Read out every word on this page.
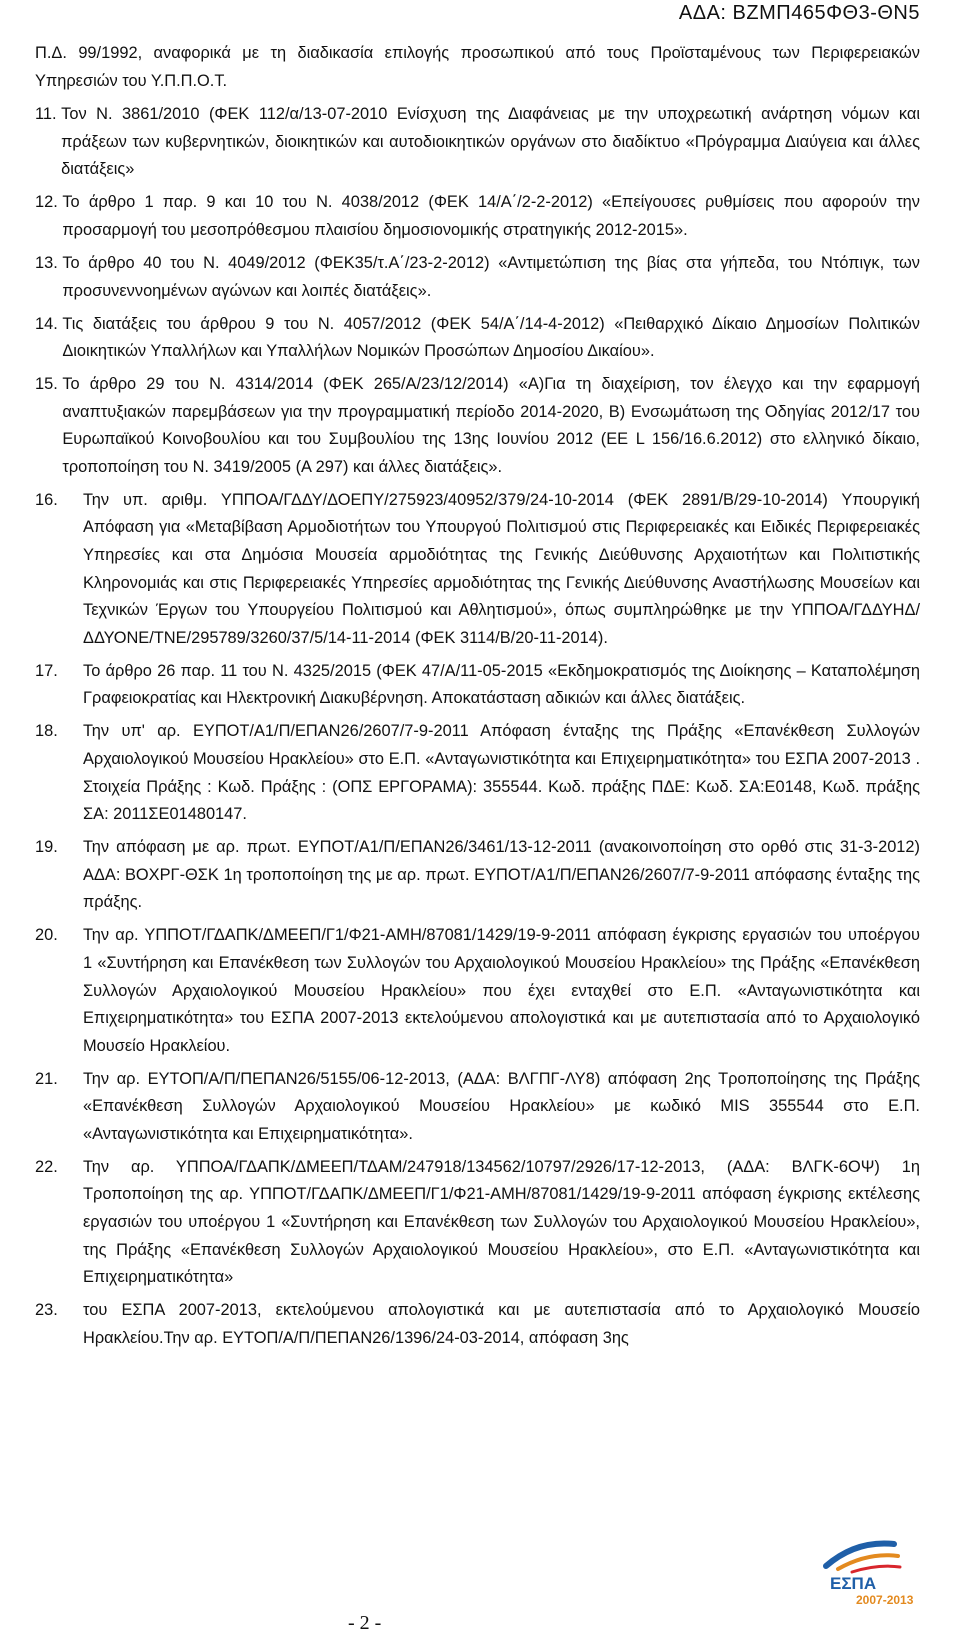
ΑΔΑ: ΒΖΜΠ465ΦΘ3-ΘΝ5

Π.Δ. 99/1992, αναφορικά με τη διαδικασία επιλογής προσωπικού από τους Προϊσταμένους των Περιφερειακών Υπηρεσιών του Υ.Π.Π.Ο.Τ.

11. Τον Ν. 3861/2010 (ΦΕΚ 112/α/13-07-2010 Ενίσχυση της Διαφάνειας με την υποχρεωτική ανάρτηση νόμων και πράξεων των κυβερνητικών, διοικητικών και αυτοδιοικητικών οργάνων στο διαδίκτυο «Πρόγραμμα Διαύγεια και άλλες διατάξεις»
12. Το άρθρο 1 παρ. 9 και 10 του Ν. 4038/2012 (ΦΕΚ 14/Α΄/2-2-2012) «Επείγουσες ρυθμίσεις που αφορούν την προσαρμογή του μεσοπρόθεσμου πλαισίου δημοσιονομικής στρατηγικής 2012-2015».
13. Το άρθρο 40 του Ν. 4049/2012 (ΦΕΚ35/τ.Α΄/23-2-2012) «Αντιμετώπιση της βίας στα γήπεδα, του Ντόπιγκ, των προσυνεννοημένων αγώνων και λοιπές διατάξεις».
14. Τις διατάξεις του άρθρου 9 του Ν. 4057/2012 (ΦΕΚ 54/Α΄/14-4-2012) «Πειθαρχικό Δίκαιο Δημοσίων Πολιτικών Διοικητικών Υπαλλήλων και Υπαλλήλων Νομικών Προσώπων Δημοσίου Δικαίου».
15. Το άρθρο 29 του Ν. 4314/2014 (ΦΕΚ 265/Α/23/12/2014) «Α)Για τη διαχείριση, τον έλεγχο και την εφαρμογή αναπτυξιακών παρεμβάσεων για την προγραμματική περίοδο 2014-2020, Β) Ενσωμάτωση της Οδηγίας 2012/17 του Ευρωπαϊκού Κοινοβουλίου και του Συμβουλίου της 13ης Ιουνίου 2012 (ΕΕ L 156/16.6.2012) στο ελληνικό δίκαιο, τροποποίηση του Ν. 3419/2005 (Α 297) και άλλες διατάξεις».
16.	Την υπ. αριθμ. ΥΠΠΟΑ/ΓΔΔΥ/ΔΟΕΠΥ/275923/40952/379/24-10-2014 (ΦΕΚ 2891/Β/29-10-2014) Υπουργική Απόφαση για «Μεταβίβαση Αρμοδιοτήτων του Υπουργού Πολιτισμού στις Περιφερειακές και Ειδικές Περιφερειακές Υπηρεσίες και στα Δημόσια Μουσεία αρμοδιότητας της Γενικής Διεύθυνσης Αρχαιοτήτων και Πολιτιστικής Κληρονομιάς και στις Περιφερειακές Υπηρεσίες αρμοδιότητας της Γενικής Διεύθυνσης Αναστήλωσης Μουσείων και Τεχνικών Έργων του Υπουργείου Πολιτισμού και Αθλητισμού», όπως συμπληρώθηκε με την ΥΠΠΟΑ/ΓΔΔΥΗΔ/ΔΔΥΟΝΕ/ΤΝΕ/295789/3260/37/5/14-11-2014 (ΦΕΚ 3114/Β/20-11-2014).
17.	Το άρθρο 26 παρ. 11 του Ν. 4325/2015 (ΦΕΚ 47/Α/11-05-2015 «Εκδημοκρατισμός της Διοίκησης – Καταπολέμηση Γραφειοκρατίας και Ηλεκτρονική Διακυβέρνηση. Αποκατάσταση αδικιών και άλλες διατάξεις.
18.	Την υπ' αρ. ΕΥΠΟΤ/Α1/Π/ΕΠΑΝ26/2607/7-9-2011 Απόφαση ένταξης της Πράξης «Επανέκθεση Συλλογών Αρχαιολογικού Μουσείου Ηρακλείου» στο Ε.Π. «Ανταγωνιστικότητα και Επιχειρηματικότητα» του ΕΣΠΑ 2007-2013 . Στοιχεία Πράξης : Κωδ. Πράξης : (ΟΠΣ ΕΡΓΟΡΑΜΑ): 355544. Κωδ. πράξης ΠΔΕ: Κωδ. ΣΑ:Ε0148, Κωδ. πράξης ΣΑ: 2011ΣΕ01480147.
19.	Την απόφαση με αρ. πρωτ. ΕΥΠΟΤ/Α1/Π/ΕΠΑΝ26/3461/13-12-2011 (ανακοινοποίηση στο ορθό στις 31-3-2012) ΑΔΑ: ΒΟΧΡΓ-ΘΣΚ 1η τροποποίηση της με αρ. πρωτ. ΕΥΠΟΤ/Α1/Π/ΕΠΑΝ26/2607/7-9-2011 απόφασης ένταξης της πράξης.
20.	Την αρ. ΥΠΠΟΤ/ΓΔΑΠΚ/ΔΜΕΕΠ/Γ1/Φ21-ΑΜΗ/87081/1429/19-9-2011 απόφαση έγκρισης εργασιών του υποέργου 1 «Συντήρηση και Επανέκθεση των Συλλογών του Αρχαιολογικού Μουσείου Ηρακλείου» της Πράξης «Επανέκθεση Συλλογών Αρχαιολογικού Μουσείου Ηρακλείου» που έχει ενταχθεί στο Ε.Π. «Ανταγωνιστικότητα και Επιχειρηματικότητα» του ΕΣΠΑ 2007-2013 εκτελούμενου απολογιστικά και με αυτεπιστασία από το Αρχαιολογικό Μουσείο Ηρακλείου.
21.	Την αρ. ΕΥΤΟΠ/Α/Π/ΠΕΠΑΝ26/5155/06-12-2013, (ΑΔΑ: ΒΛΓΠΓ-ΛΥ8) απόφαση 2ης Τροποποίησης της Πράξης «Επανέκθεση Συλλογών Αρχαιολογικού Μουσείου Ηρακλείου» με κωδικό MIS 355544 στο Ε.Π. «Ανταγωνιστικότητα και Επιχειρηματικότητα».
22.	Την αρ. ΥΠΠΟΑ/ΓΔΑΠΚ/ΔΜΕΕΠ/ΤΔΑΜ/247918/134562/10797/2926/17-12-2013, (ΑΔΑ: ΒΛΓΚ-6ΟΨ) 1η Τροποποίηση της αρ. ΥΠΠΟΤ/ΓΔΑΠΚ/ΔΜΕΕΠ/Γ1/Φ21-ΑΜΗ/87081/1429/19-9-2011 απόφαση έγκρισης εκτέλεσης εργασιών του υποέργου 1 «Συντήρηση και Επανέκθεση των Συλλογών του Αρχαιολογικού Μουσείου Ηρακλείου», της Πράξης «Επανέκθεση Συλλογών Αρχαιολογικού Μουσείου Ηρακλείου», στο Ε.Π. «Ανταγωνιστικότητα και Επιχειρηματικότητα»
23.	του ΕΣΠΑ 2007-2013, εκτελούμενου απολογιστικά και με αυτεπιστασία από το Αρχαιολογικό Μουσείο Ηρακλείου.Την αρ. ΕΥΤΟΠ/Α/Π/ΠΕΠΑΝ26/1396/24-03-2014, απόφαση 3ης
ΕΣΠΑ
2007-2013
- 2 -
